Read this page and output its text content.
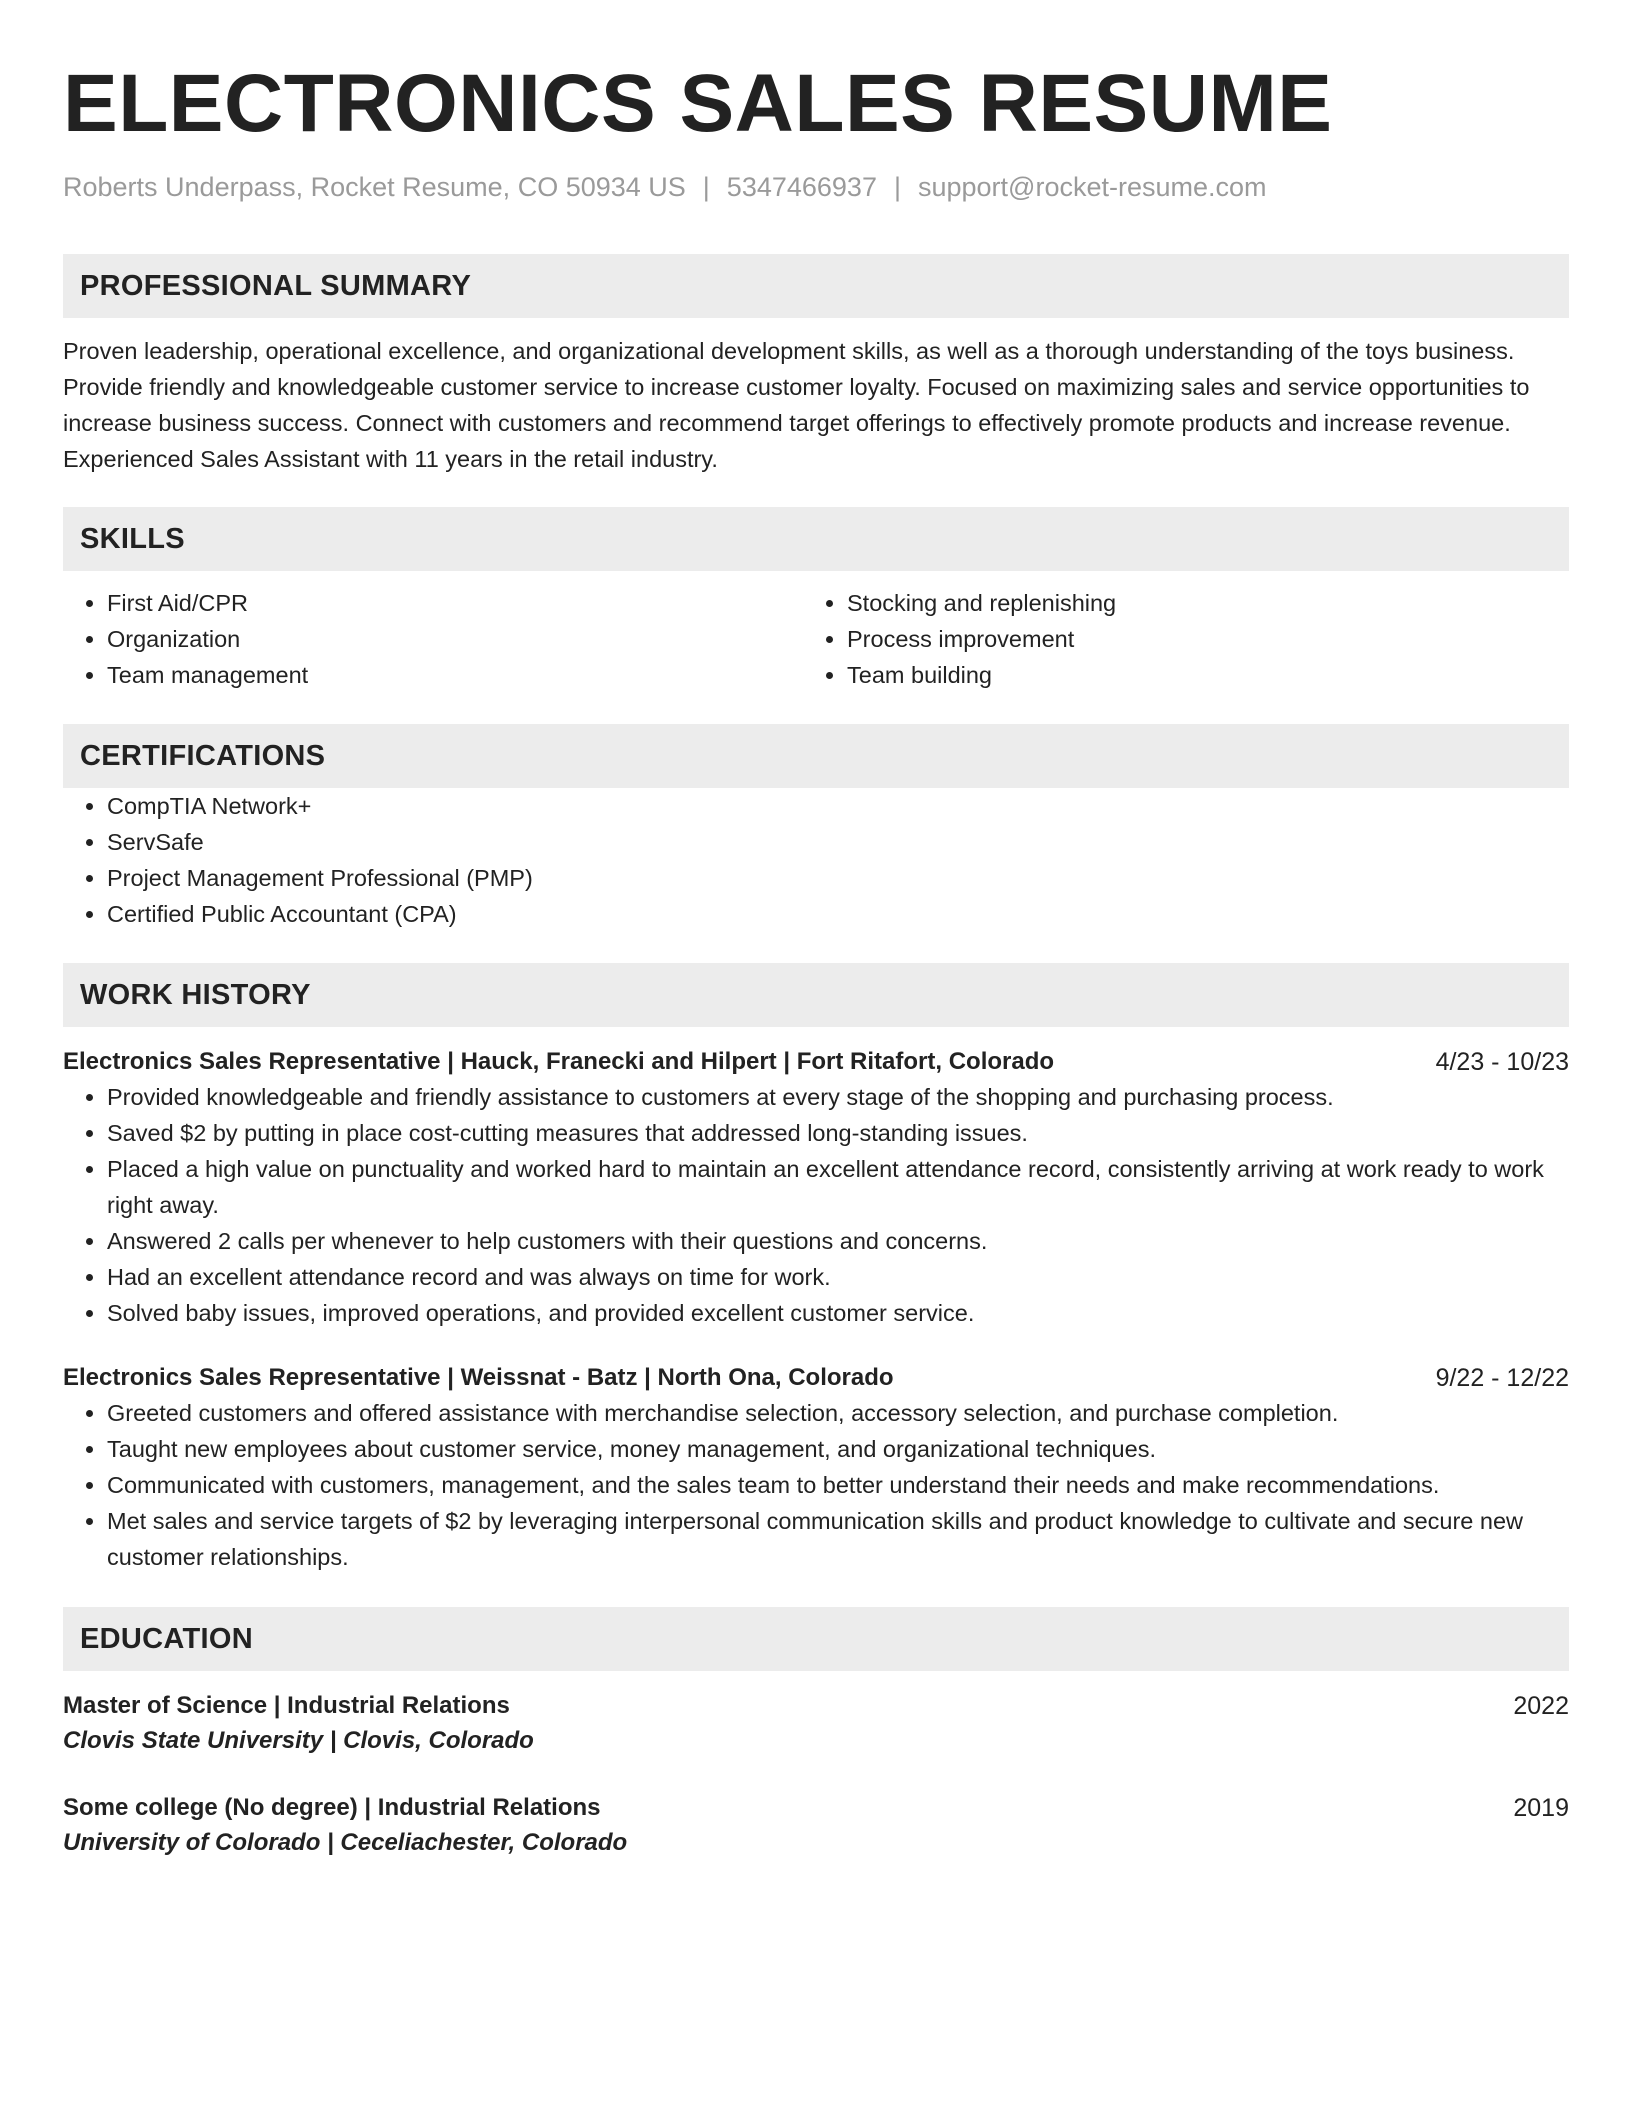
ELECTRONICS SALES RESUME
Roberts Underpass, Rocket Resume, CO 50934 US | 5347466937 | support@rocket-resume.com
PROFESSIONAL SUMMARY

Proven leadership, operational excellence, and organizational development skills, as well as a thorough understanding of the toys business. Provide friendly and knowledgeable customer service to increase customer loyalty. Focused on maximizing sales and service opportunities to increase business success. Connect with customers and recommend target offerings to effectively promote products and increase revenue. Experienced Sales Assistant with 11 years in the retail industry.

SKILLS
• First Aid/CPR
• Organization
• Team management
• Stocking and replenishing
• Process improvement
• Team building
CERTIFICATIONS
• CompTIA Network+
• ServSafe
• Project Management Professional (PMP)
• Certified Public Accountant (CPA)
WORK HISTORY
Electronics Sales Representative | Hauck, Franecki and Hilpert | Fort Ritafort, Colorado	4/23 - 10/23
• Provided knowledgeable and friendly assistance to customers at every stage of the shopping and purchasing process.
• Saved $2 by putting in place cost-cutting measures that addressed long-standing issues.
• Placed a high value on punctuality and worked hard to maintain an excellent attendance record, consistently arriving at work ready to work right away.
• Answered 2 calls per whenever to help customers with their questions and concerns.
• Had an excellent attendance record and was always on time for work.
• Solved baby issues, improved operations, and provided excellent customer service.
Electronics Sales Representative | Weissnat - Batz | North Ona, Colorado	9/22 - 12/22
• Greeted customers and offered assistance with merchandise selection, accessory selection, and purchase completion.
• Taught new employees about customer service, money management, and organizational techniques.
• Communicated with customers, management, and the sales team to better understand their needs and make recommendations.
• Met sales and service targets of $2 by leveraging interpersonal communication skills and product knowledge to cultivate and secure new customer relationships.
EDUCATION
Master of Science | Industrial Relations	2022
Clovis State University | Clovis, Colorado
Some college (No degree) | Industrial Relations	2019
University of Colorado | Ceceliachester, Colorado
